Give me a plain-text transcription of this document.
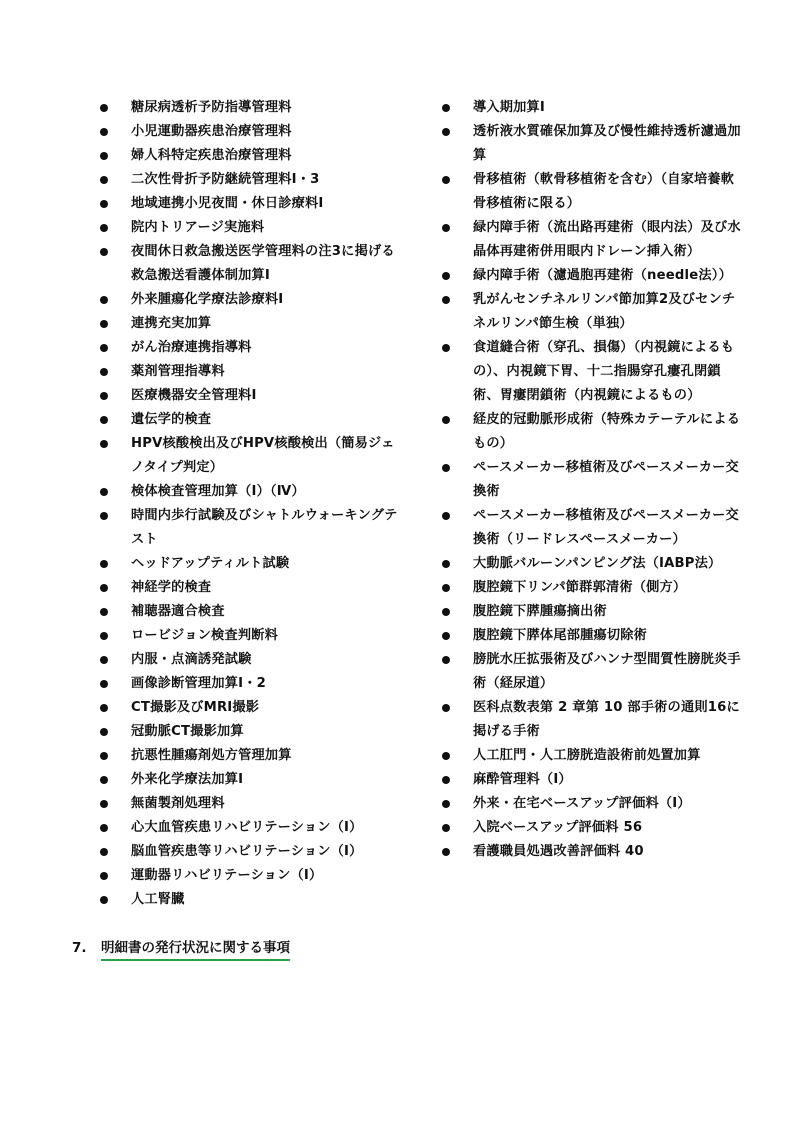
糖尿病透析予防指導管理料
小児運動器疾患治療管理料
婦人科特定疾患治療管理料
二次性骨折予防継続管理料Ⅰ・3
地域連携小児夜間・休日診療料Ⅰ
院内トリアージ実施料
夜間休日救急搬送医学管理料の注3に掲げる救急搬送看護体制加算Ⅰ
外来腫瘍化学療法診療料Ⅰ
連携充実加算
がん治療連携指導料
薬剤管理指導料
医療機器安全管理料Ⅰ
遺伝学的検査
HPV核酸検出及びHPV核酸検出（簡易ジェノタイプ判定）
検体検査管理加算（Ⅰ）（Ⅳ）
時間内歩行試験及びシャトルウォーキングテスト
ヘッドアップティルト試験
神経学的検査
補聴器適合検査
ロービジョン検査判断料
内服・点滴誘発試験
画像診断管理加算Ⅰ・2
CT撮影及びMRI撮影
冠動脈CT撮影加算
抗悪性腫瘍剤処方管理加算
外来化学療法加算Ⅰ
無菌製剤処理料
心大血管疾患リハビリテーション（Ⅰ）
脳血管疾患等リハビリテーション（Ⅰ）
運動器リハビリテーション（Ⅰ）
人工腎臓
導入期加算Ⅰ
透析液水質確保加算及び慢性維持透析濾過加算
骨移植術（軟骨移植術を含む）（自家培養軟骨移植術に限る）
緑内障手術（流出路再建術（眼内法）及び水晶体再建術併用眼内ドレーン挿入術）
緑内障手術（濾過胞再建術（needle法））
乳がんセンチネルリンパ節加算2及びセンチネルリンパ節生検（単独）
食道縫合術（穿孔、損傷）（内視鏡によるもの）、内視鏡下胃、十二指腸穿孔瘻孔閉鎖術、胃瘻閉鎖術（内視鏡によるもの）
経皮的冠動脈形成術（特殊カテーテルによるもの）
ペースメーカー移植術及びペースメーカー交換術
ペースメーカー移植術及びペースメーカー交換術（リードレスペースメーカー）
大動脈バルーンパンピング法（IABP法）
腹腔鏡下リンパ節群郭清術（側方）
腹腔鏡下膵腫瘍摘出術
腹腔鏡下膵体尾部腫瘍切除術
膀胱水圧拡張術及びハンナ型間質性膀胱炎手術（経尿道）
医科点数表第 2 章第 10 部手術の通則16に掲げる手術
人工肛門・人工膀胱造設術前処置加算
麻酔管理料（Ⅰ）
外来・在宅ベースアップ評価料（Ⅰ）
入院ベースアップ評価料 56
看護職員処遇改善評価料 40
7. 明細書の発行状況に関する事項
